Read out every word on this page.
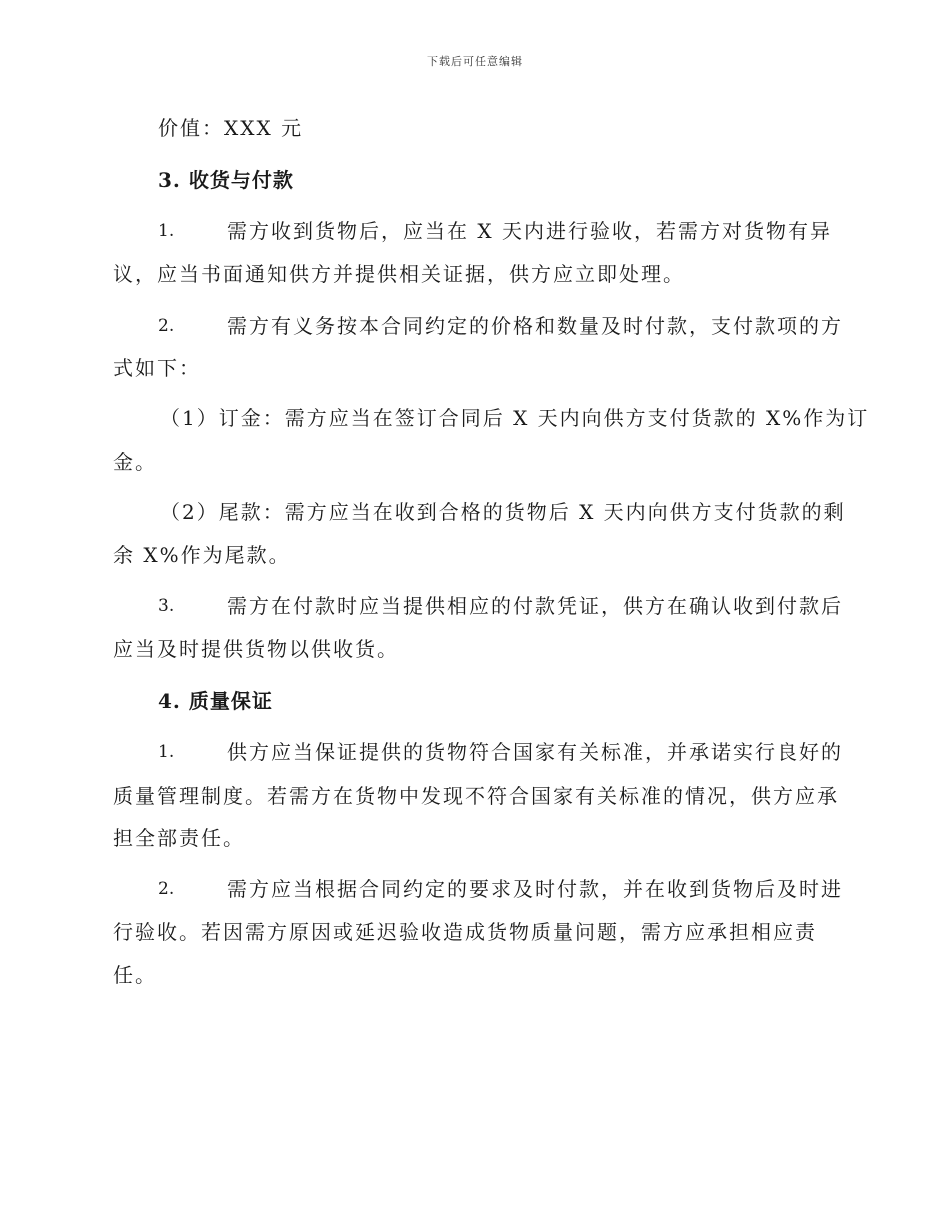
下载后可任意编辑
价值：XXX 元
3. 收货与付款
1.	需方收到货物后，应当在 X 天内进行验收，若需方对货物有异
议，应当书面通知供方并提供相关证据，供方应立即处理。
2.	需方有义务按本合同约定的价格和数量及时付款，支付款项的方
式如下：
（1）订金：需方应当在签订合同后 X 天内向供方支付货款的 X%作为订
金。
（2）尾款：需方应当在收到合格的货物后 X 天内向供方支付货款的剩
余 X%作为尾款。
3.	需方在付款时应当提供相应的付款凭证，供方在确认收到付款后
应当及时提供货物以供收货。
4. 质量保证
1.	供方应当保证提供的货物符合国家有关标准，并承诺实行良好的
质量管理制度。若需方在货物中发现不符合国家有关标准的情况，供方应承
担全部责任。
2.	需方应当根据合同约定的要求及时付款，并在收到货物后及时进
行验收。若因需方原因或延迟验收造成货物质量问题，需方应承担相应责
任。
